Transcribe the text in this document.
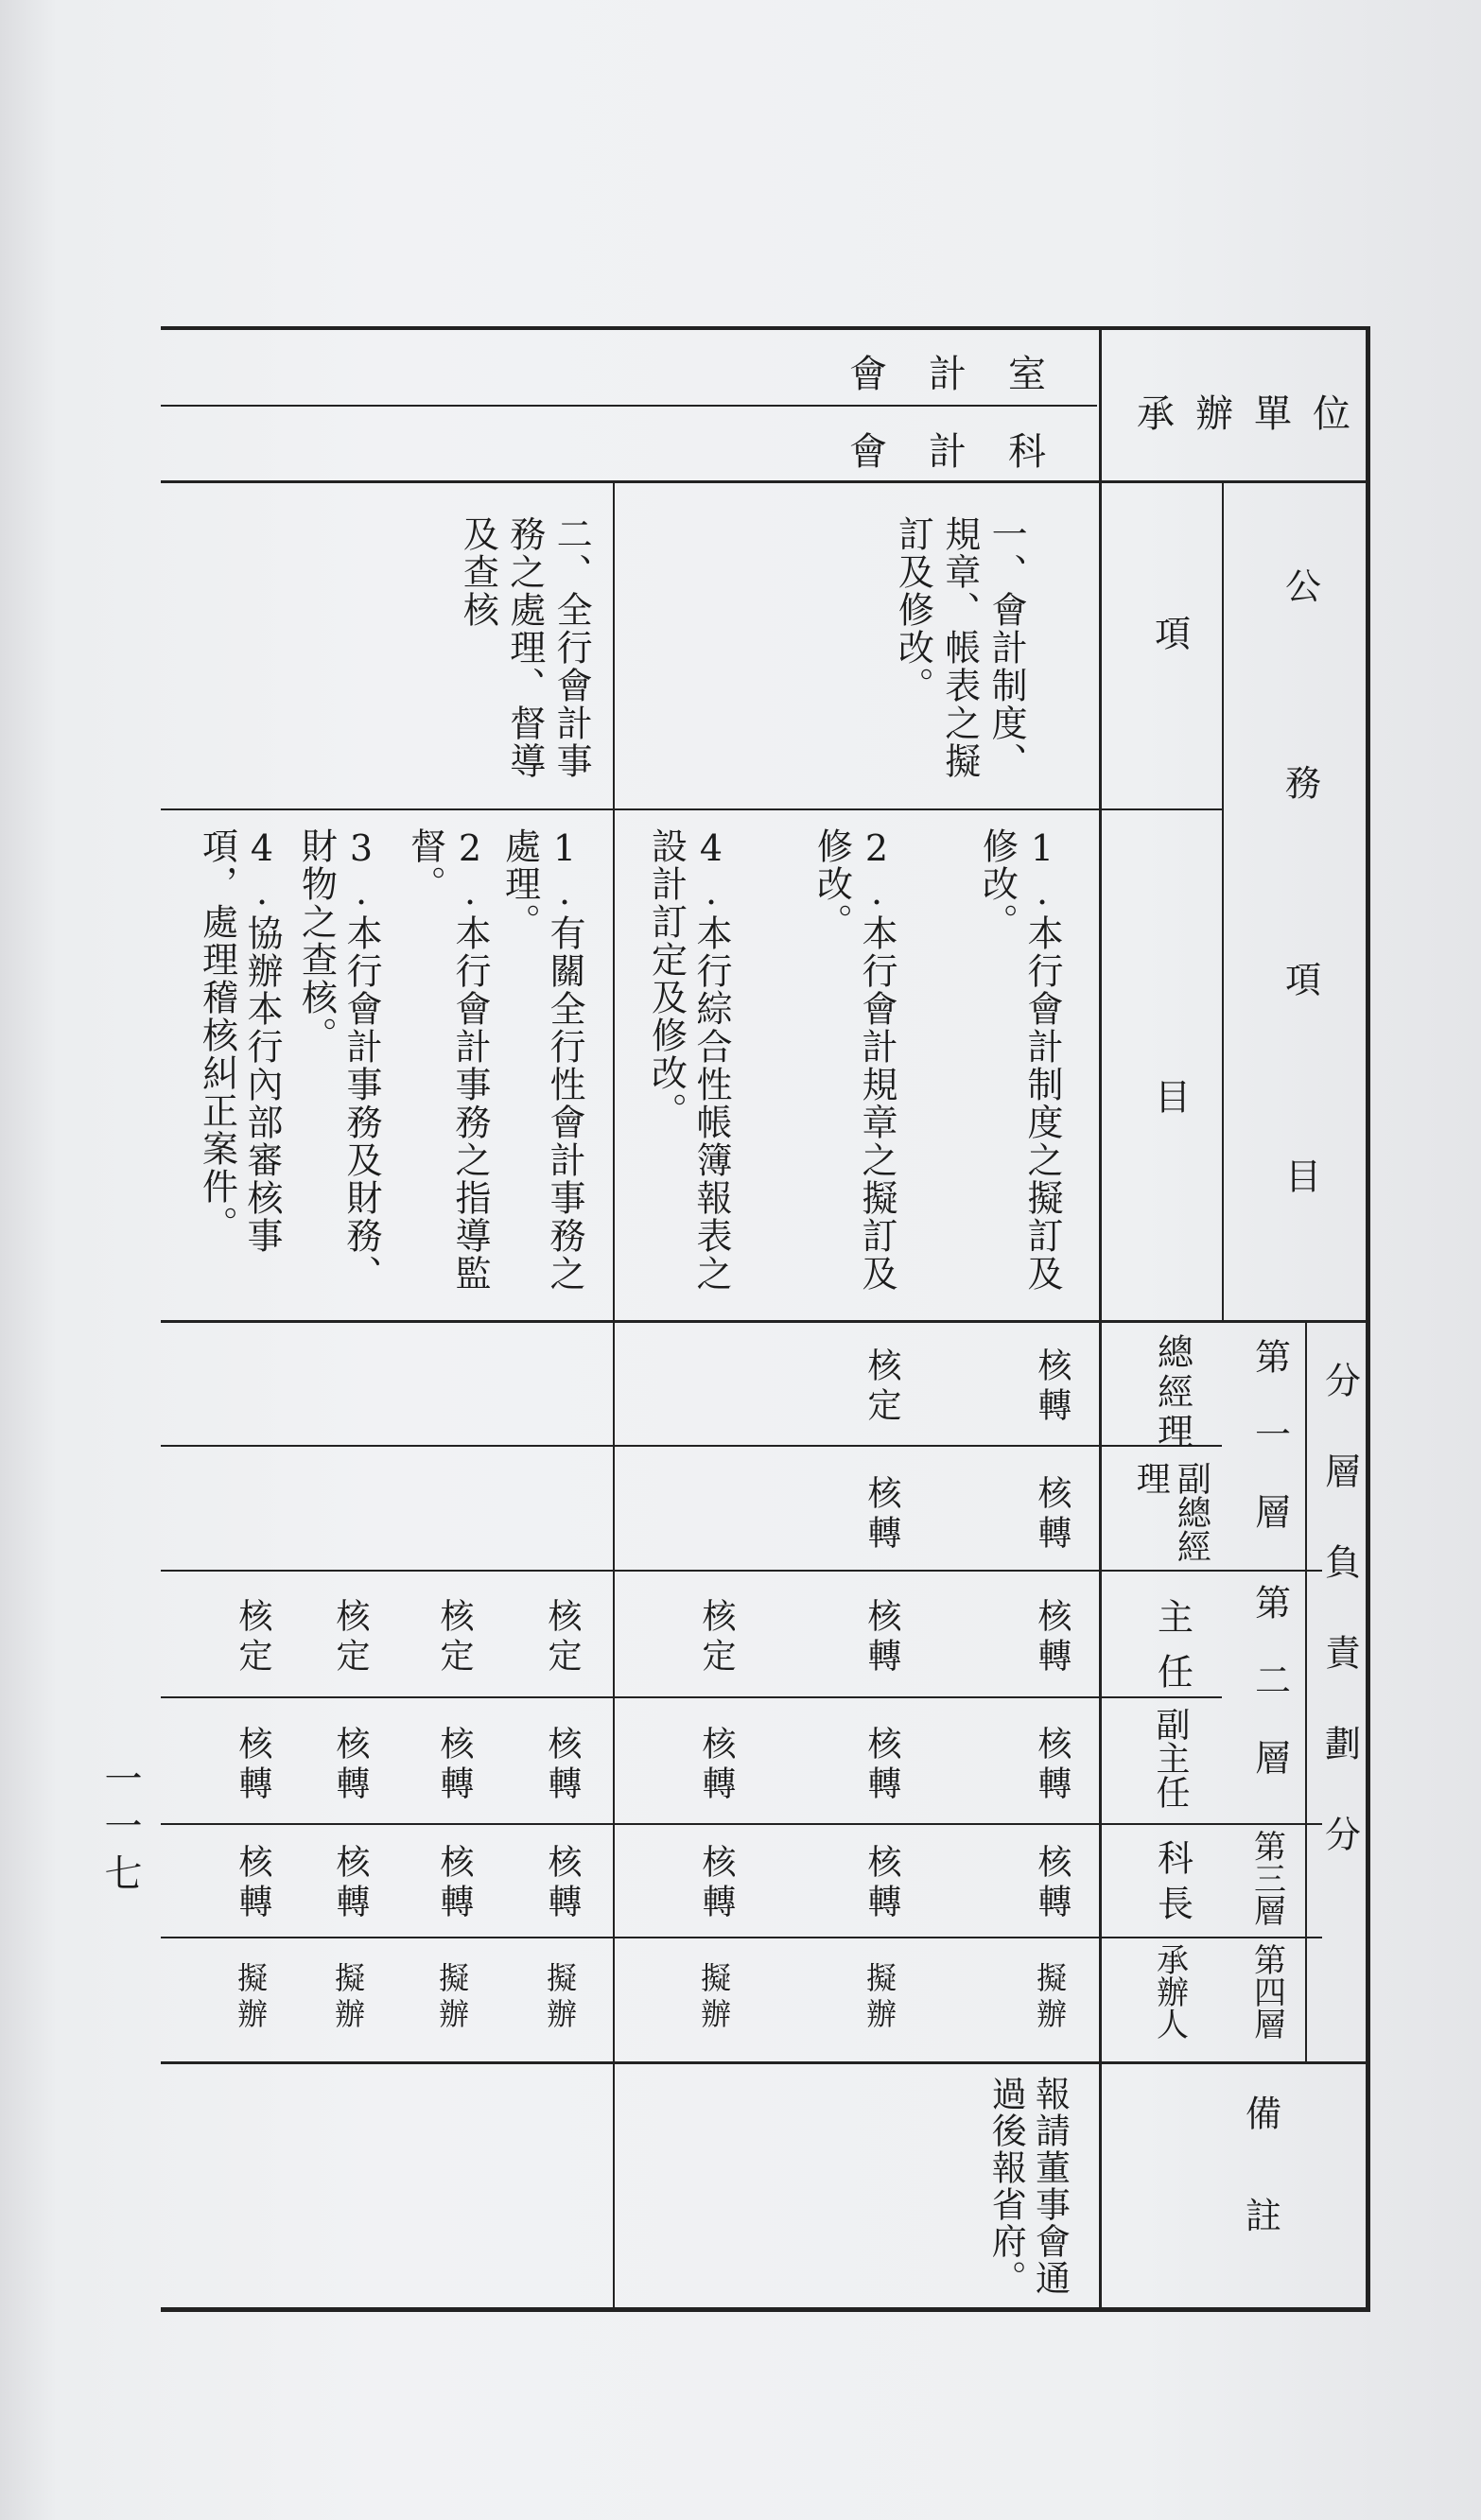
會計室
會計科
承辦單位
公務項目
項
目
一、會計制度、規章、帳表之擬訂及修改。
二、全行會計事務之處理、督導及查核
1.本行會計制度之擬訂及修改。
2.本行會計規章之擬訂及修改。
4.本行綜合性帳簿報表之設計訂定及修改。
1.有關全行性會計事務之處理。
2.本行會計事務之指導監督。
3.本行會計事務及財務、財物之查核。
4.協辦本行內部審核事項，處理稽核糾正案件。
分層負責劃分
第一層
第二層
第三層
第四層
總經理
副總經理
主任
副主任
科長
承辦人
核轉
核轉
核轉
核轉
核轉
擬辦
核定
核轉
核轉
核轉
核轉
擬辦
核定
核轉
核轉
擬辦
核定
核轉
核轉
擬辦
核定
核轉
核轉
擬辦
核定
核轉
核轉
擬辦
核定
核轉
核轉
擬辦
備註
報請董事會通過後報省府。
一一七
